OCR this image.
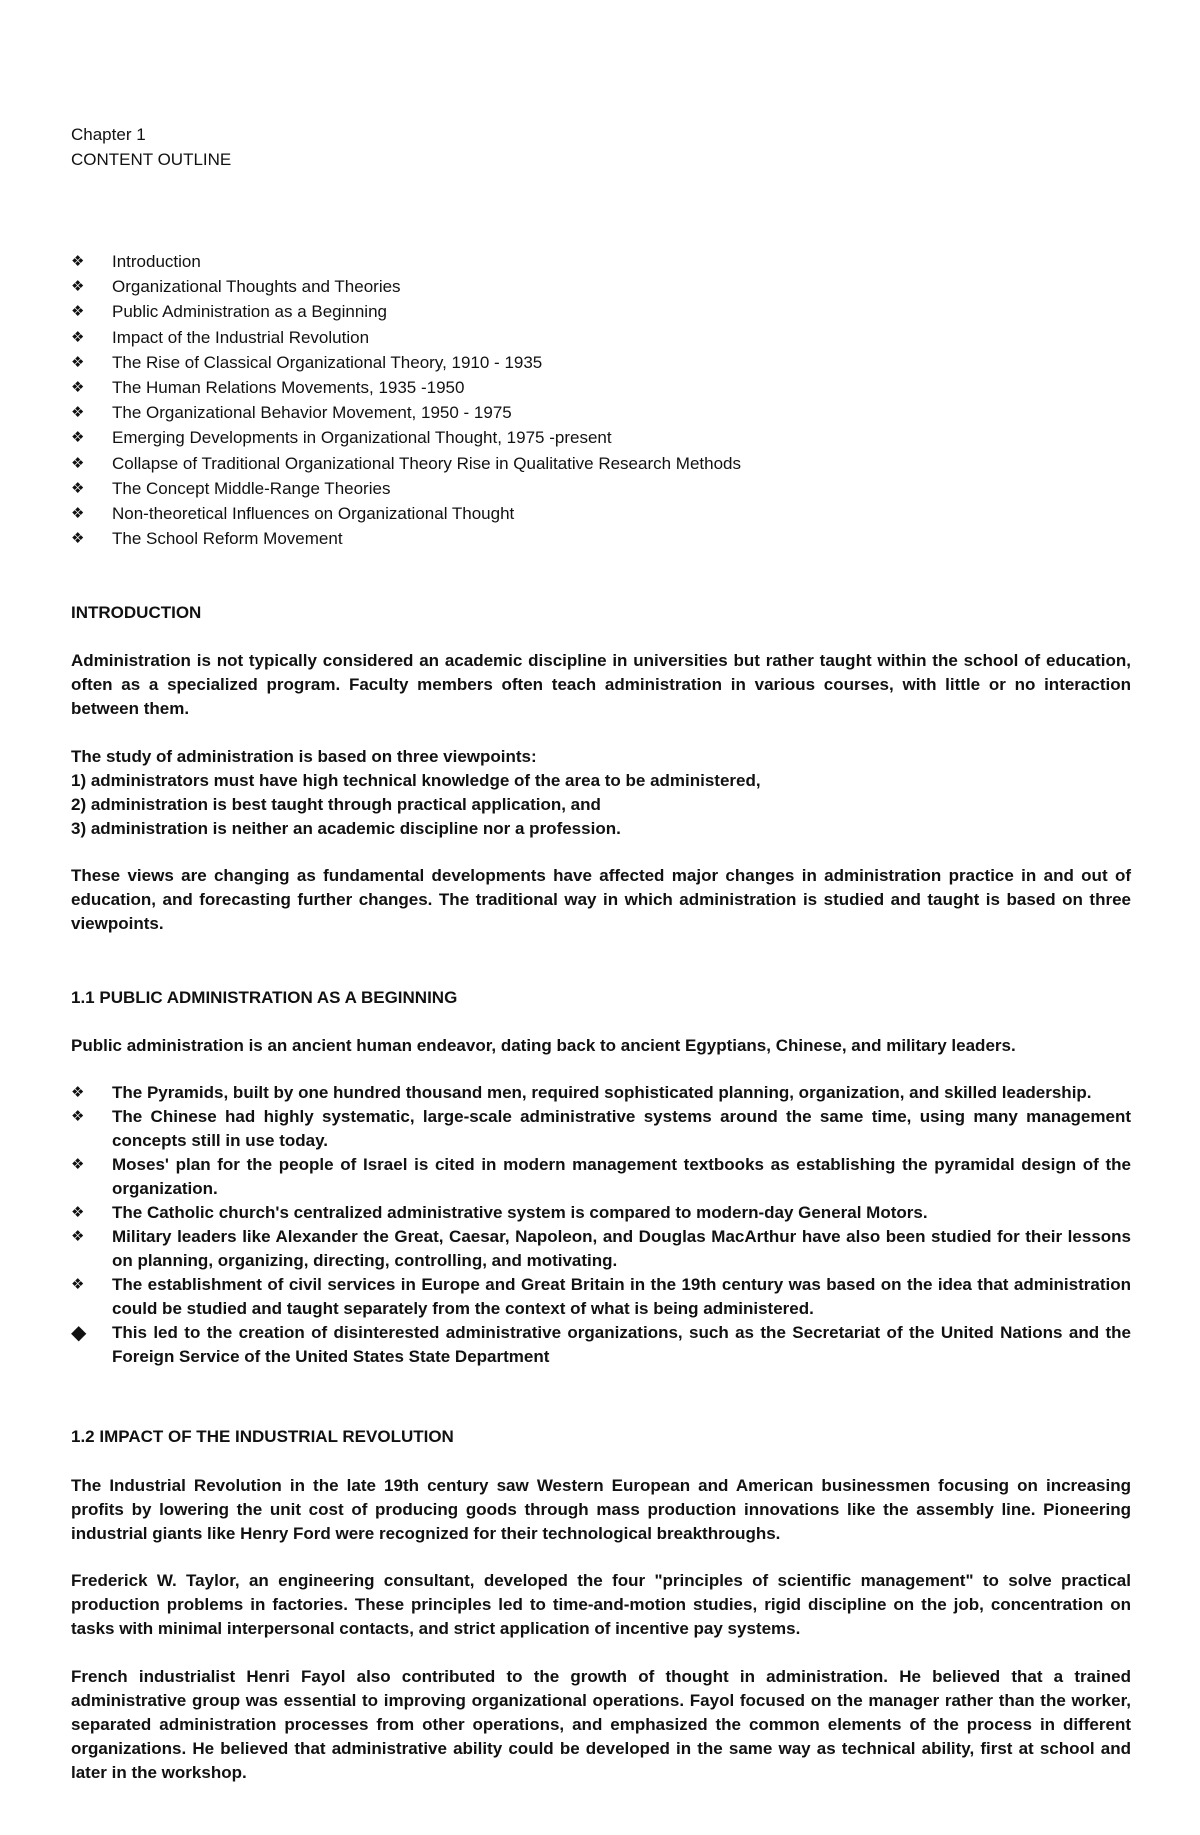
Chapter 1
CONTENT OUTLINE
❖	Introduction
❖	Organizational Thoughts and Theories
❖	Public Administration as a Beginning
❖	Impact of the Industrial Revolution
❖	The Rise of Classical Organizational Theory, 1910 - 1935
❖	The Human Relations Movements, 1935 -1950
❖	The Organizational Behavior Movement, 1950 - 1975
❖	Emerging Developments in Organizational Thought, 1975 -present
❖	Collapse of Traditional Organizational Theory Rise in Qualitative Research Methods
❖	The Concept Middle-Range Theories
❖	Non-theoretical Influences on Organizational Thought
❖	The School Reform Movement
INTRODUCTION

Administration is not typically considered an academic discipline in universities but rather taught within the school of education, often as a specialized program. Faculty members often teach administration in various courses, with little or no interaction between them.

The study of administration is based on three viewpoints:

1) administrators must have high technical knowledge of the area to be administered,

2) administration is best taught through practical application, and

3) administration is neither an academic discipline nor a profession.

These views are changing as fundamental developments have affected major changes in administration practice in and out of education, and forecasting further changes. The traditional way in which administration is studied and taught is based on three viewpoints.

1.1 PUBLIC ADMINISTRATION AS A BEGINNING

Public administration is an ancient human endeavor, dating back to ancient Egyptians, Chinese, and military leaders.

❖	The Pyramids, built by one hundred thousand men, required sophisticated planning, organization, and skilled leadership.
❖	The Chinese had highly systematic, large-scale administrative systems around the same time, using many management concepts still in use today.
❖	Moses' plan for the people of Israel is cited in modern management textbooks as establishing the pyramidal design of the organization.
❖	The Catholic church's centralized administrative system is compared to modern-day General Motors.
❖	Military leaders like Alexander the Great, Caesar, Napoleon, and Douglas MacArthur have also been studied for their lessons on planning, organizing, directing, controlling, and motivating.
❖	The establishment of civil services in Europe and Great Britain in the 19th century was based on the idea that administration could be studied and taught separately from the context of what is being administered.
◆	This led to the creation of disinterested administrative organizations, such as the Secretariat of the United Nations and the Foreign Service of the United States State Department
1.2 IMPACT OF THE INDUSTRIAL REVOLUTION

The Industrial Revolution in the late 19th century saw Western European and American businessmen focusing on increasing profits by lowering the unit cost of producing goods through mass production innovations like the assembly line. Pioneering industrial giants like Henry Ford were recognized for their technological breakthroughs.

Frederick W. Taylor, an engineering consultant, developed the four "principles of scientific management" to solve practical production problems in factories. These principles led to time-and-motion studies, rigid discipline on the job, concentration on tasks with minimal interpersonal contacts, and strict application of incentive pay systems.

French industrialist Henri Fayol also contributed to the growth of thought in administration. He believed that a trained administrative group was essential to improving organizational operations. Fayol focused on the manager rather than the worker, separated administration processes from other operations, and emphasized the common elements of the process in different organizations. He believed that administrative ability could be developed in the same way as technical ability, first at school and later in the workshop.
